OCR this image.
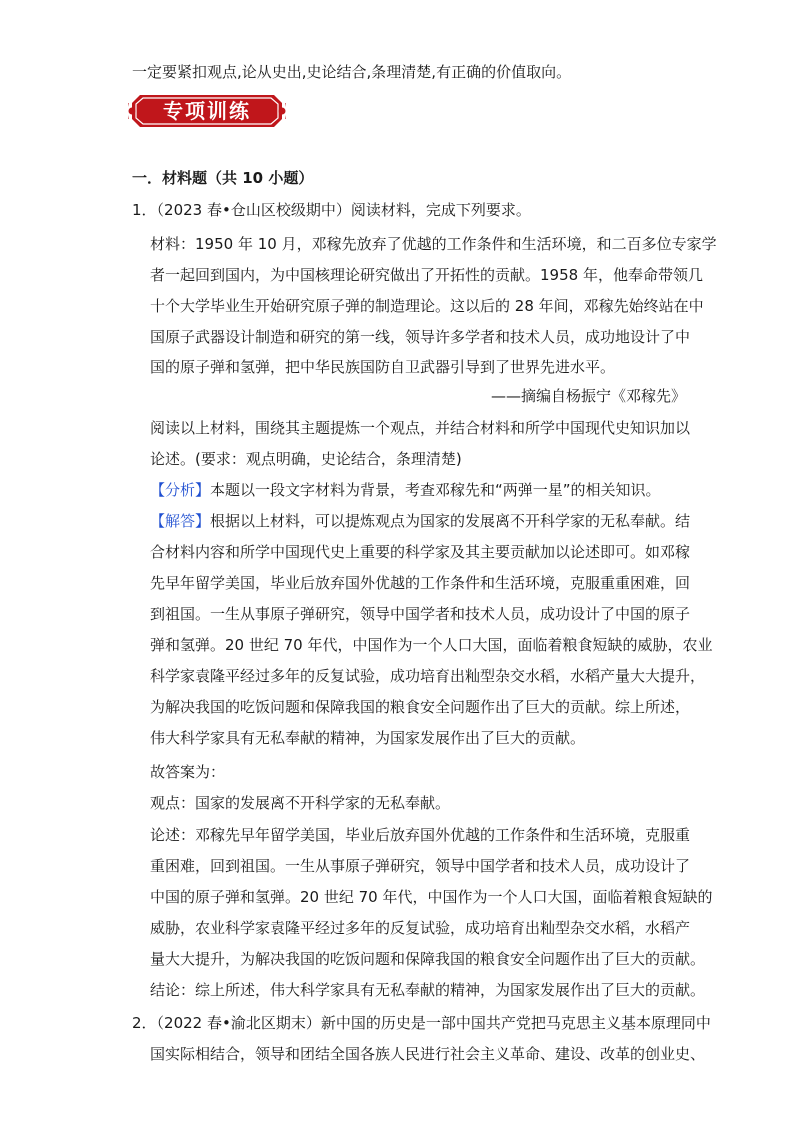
一定要紧扣观点,论从史出,史论结合,条理清楚,有正确的价值取向。
专项训练
一．材料题（共 10 小题）
1．（2023 春•仓山区校级期中）阅读材料，完成下列要求。
材料：1950 年 10 月，邓稼先放弃了优越的工作条件和生活环境，和二百多位专家学
者一起回到国内，为中国核理论研究做出了开拓性的贡献。1958 年，他奉命带领几
十个大学毕业生开始研究原子弹的制造理论。这以后的 28 年间，邓稼先始终站在中
国原子武器设计制造和研究的第一线，领导许多学者和技术人员，成功地设计了中
国的原子弹和氢弹，把中华民族国防自卫武器引导到了世界先进水平。
——摘编自杨振宁《邓稼先》
阅读以上材料，围绕其主题提炼一个观点，并结合材料和所学中国现代史知识加以
论述。(要求：观点明确，史论结合，条理清楚)
【分析】本题以一段文字材料为背景，考查邓稼先和“两弹一星”的相关知识。
【解答】根据以上材料，可以提炼观点为国家的发展离不开科学家的无私奉献。结
合材料内容和所学中国现代史上重要的科学家及其主要贡献加以论述即可。如邓稼
先早年留学美国，毕业后放弃国外优越的工作条件和生活环境，克服重重困难，回
到祖国。一生从事原子弹研究，领导中国学者和技术人员，成功设计了中国的原子
弹和氢弹。20 世纪 70 年代，中国作为一个人口大国，面临着粮食短缺的威胁，农业
科学家袁隆平经过多年的反复试验，成功培育出籼型杂交水稻，水稻产量大大提升，
为解决我国的吃饭问题和保障我国的粮食安全问题作出了巨大的贡献。综上所述，
伟大科学家具有无私奉献的精神，为国家发展作出了巨大的贡献。
故答案为：
观点：国家的发展离不开科学家的无私奉献。
论述：邓稼先早年留学美国，毕业后放弃国外优越的工作条件和生活环境，克服重
重困难，回到祖国。一生从事原子弹研究，领导中国学者和技术人员，成功设计了
中国的原子弹和氢弹。20 世纪 70 年代，中国作为一个人口大国，面临着粮食短缺的
威胁，农业科学家袁隆平经过多年的反复试验，成功培育出籼型杂交水稻，水稻产
量大大提升，为解决我国的吃饭问题和保障我国的粮食安全问题作出了巨大的贡献。
结论：综上所述，伟大科学家具有无私奉献的精神，为国家发展作出了巨大的贡献。
2．（2022 春•渝北区期末）新中国的历史是一部中国共产党把马克思主义基本原理同中
国实际相结合，领导和团结全国各族人民进行社会主义革命、建设、改革的创业史、
